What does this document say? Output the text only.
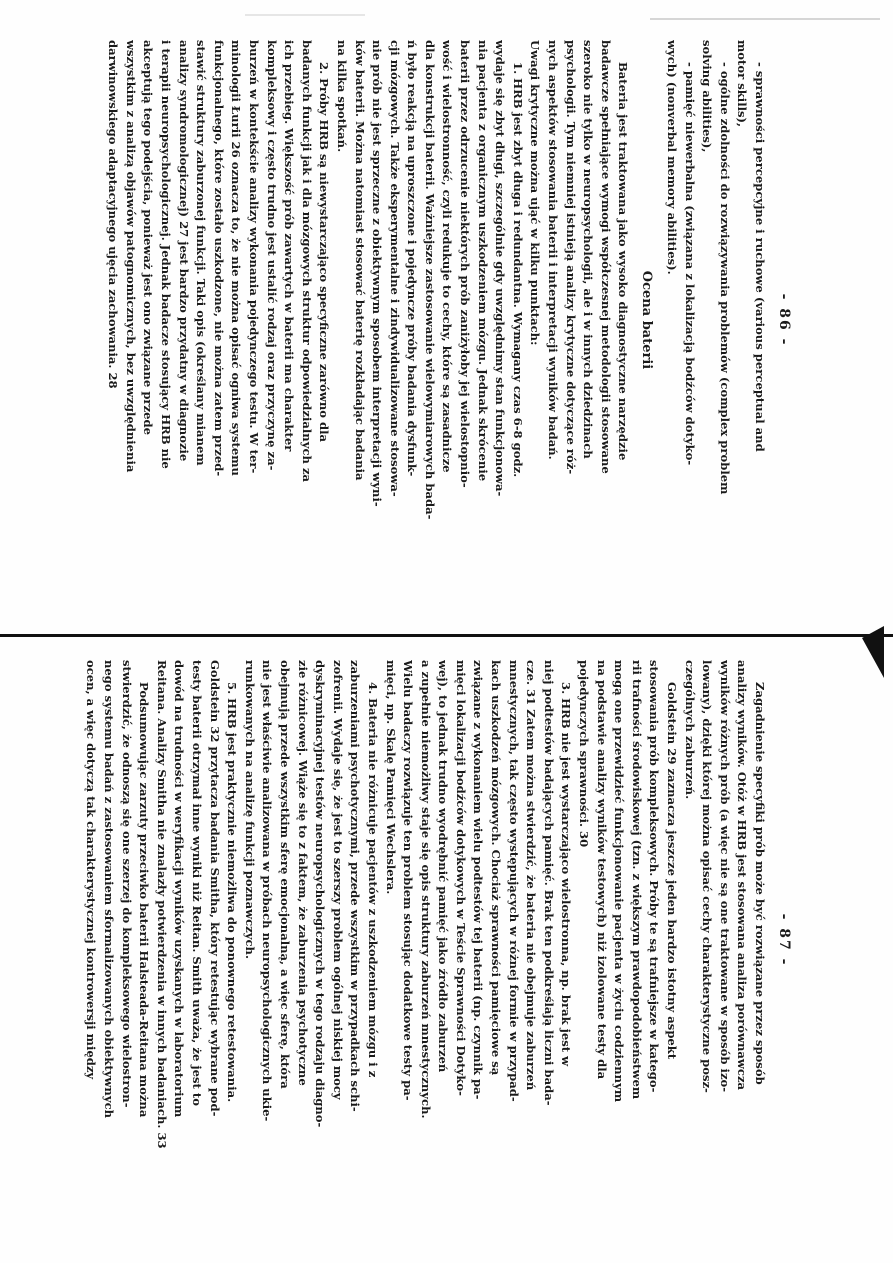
- 86 -
- sprawności percepcyjne i ruchowe (various perceptual and
motor skills),
- ogólne zdolności do rozwiązywania problemów (complex problem
solving abilities),
- pamięć niewerbalna (związana z lokalizacją bodźców dotyko-
wych) (nonverbal memory abilities).
Ocena baterii
Bateria jest traktowana jako wysoko diagnostyczne narzędzie
badawcze spełniające wymogi współczesnej metodologii stosowane
szeroko nie tylko w neuropsychologii, ale i w innych dziedzinach
psychologii. Tym niemniej istnieją analizy krytyczne dotyczące róż-
nych aspektów stosowania baterii i interpretacji wyników badań.
Uwagi krytyczne można ująć w kilku punktach:
1. HRB jest zbyt długa i redundantna. Wymagany czas 6-8 godz.
wydaje się zbyt długi, szczególnie gdy uwzględnimy stan funkcjonowa-
nia pacjenta z organicznym uszkodzeniem mózgu. Jednak skrócenie
baterii przez odrzucenie niektórych prób zaniżyłoby jej wielostopnio-
wość i wielostronność, czyli redukuje to cechy, które są zasadnicze
dla konstrukcji baterii. Ważniejsze zastosowanie wielowymiarowych bada-
ń było reakcją na uproszczone i pojedyncze próby badania dysfunk-
cji mózgowych. Także eksperymentalne i zindywidualizowane stosowa-
nie prób nie jest sprzeczne z obiektywnym sposobem interpretacji wyni-
ków baterii. Można natomiast stosować baterię rozkładając badania
na kilka spotkań.
2. Próby HRB są niewystarczająco specyficzne zarówno dla
badanych funkcji jak i dla mózgowych struktur odpowiedzialnych za
ich przebieg. Większość prób zawartych w baterii ma charakter
kompleksowy i często trudno jest ustalić rodzaj oraz przyczynę za-
burzeń w kontekście analizy wykonania pojedynczego testu. W ter-
minologii Łurii 26 oznacza to, że nie można opisać ogniwa systemu
funkcjonalnego, które zostało uszkodzone, nie można zatem przed-
stawić struktury zaburzonej funkcji. Taki opis (określany mianem
analizy syndromologicznej) 27 jest bardzo przydatny w diagnozie
i terapii neuropsychologicznej. Jednak badacze stosujący HRB nie
akceptują tego podejścia, ponieważ jest ono związane przede
wszystkim z analizą objawów patognomicznych, bez uwzględnienia
darwinowskiego adaptacyjnego ujęcia zachowania. 28
- 87 -
Zagadnienie specyfiki prób może być rozwiązane przez sposób
analizy wyników. Otóż w HRB jest stosowana analiza porównawcza
wyników różnych prób (a więc nie są one traktowane w sposób izo-
lowany), dzięki której można opisać cechy charakterystyczne posz-
czególnych zaburzeń.
Goldstein 29 zaznacza jeszcze jeden bardzo istotny aspekt
stosowania prób kompleksowych. Próby te są trafniejsze w katego-
rii trafności środowiskowej (tzn. z większym prawdopodobieństwem
mogą one przewidzieć funkcjonowanie pacjenta w życiu codziennym
na podstawie analizy wyników testowych) niż izolowane testy dla
pojedynczych sprawności. 30
3. HRB nie jest wystarczająco wielostronna, np. brak jest w
niej podtestów badających pamięć. Brak ten podkreślają liczni bada-
cze. 31 Zatem można stwierdzić, że bateria nie obejmuje zaburzeń
mnestycznych, tak często występujących w różnej formie w przypad-
kach uszkodzeń mózgowych. Chociaż sprawności pamięciowe są
związane z wykonaniem wielu podtestów tej baterii (np. czynnik pa-
mięci lokalizacji bodźców dotykowych w Teście Sprawności Dotyko-
wej), to jednak trudno wyodrębnić pamięć jako źródło zaburzeń
a zupełnie niemożliwy staje się opis struktury zaburzeń mnestycznych.
Wielu badaczy rozwiązuje ten problem stosując dodatkowe testy pa-
mięci, np. Skalę Pamięci Wechslera.
4. Bateria nie różnicuje pacjentów z uszkodzeniem mózgu i z
zaburzeniami psychotycznymi, przede wszystkim w przypadkach schi-
zofrenii. Wydaje się, że jest to szerszy problem ogólnej niskiej mocy
dyskryminacyjnej testów neuropsychologicznych w tego rodzaju diagno-
zie różnicowej. Wiąże się to z faktem, że zaburzenia psychotyczne
obejmują przede wszystkim sferę emocjonalną, a więc sferę, która
nie jest właściwie analizowana w próbach neuropsychologicznych ukie-
runkowanych na analizę funkcji poznawczych.
5. HRB jest praktycznie niemożliwa do ponownego retestowania.
Goldstein 32 przytacza badania Smitha, który retestując wybrane pod-
testy baterii otrzymał inne wyniki niż Reitan. Smith uważa, że jest to
dowód na trudności w weryfikacji wyników uzyskanych w laboratorium
Reitana. Analizy Smitha nie znalazły potwierdzenia w innych badaniach. 33
Podsumowując zarzuty przeciwko baterii Halsteada-Reitana można
stwierdzić, że odnoszą się one szerzej do kompleksowego wielostron-
nego systemu badań z zastosowaniem sformalizowanych obiektywnych
ocen, a więc dotyczą tak charakterystycznej kontrowersji między
